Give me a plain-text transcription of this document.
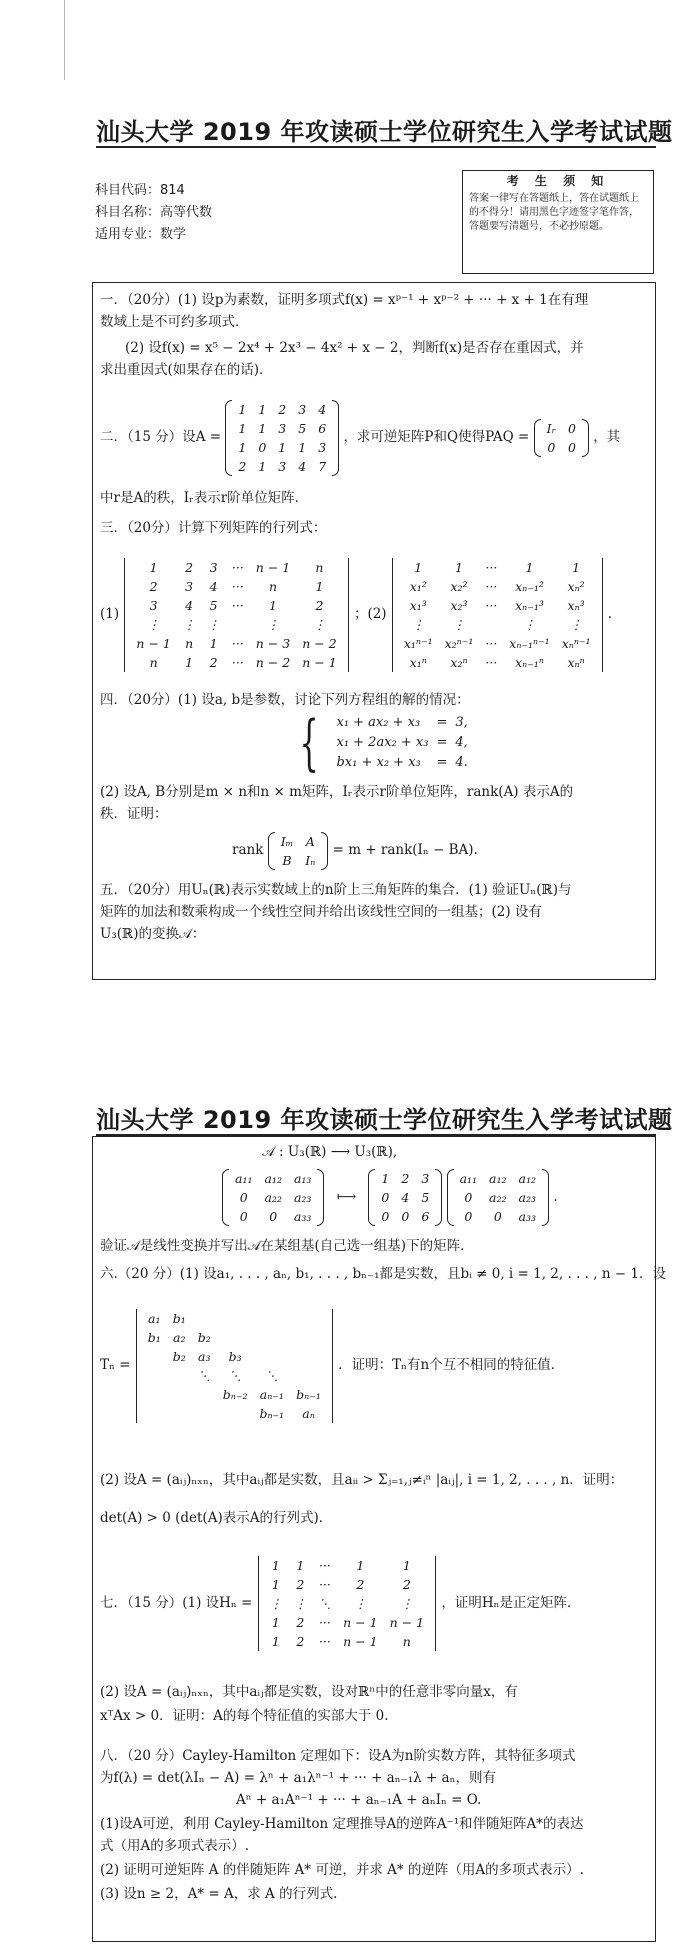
汕头大学 2019 年攻读硕士学位研究生入学考试试题
科目代码：814
科目名称：高等代数
适用专业：数学
考 生 须 知
答案一律写在答题纸上，答在试题纸上的不得分！请用黑色字迹签字笔作答，答题要写清题号，不必抄原题。
一．（20分）(1) 设p为素数，证明多项式f(x) = xᵖ⁻¹ + xᵖ⁻² + ··· + x + 1在有理
数域上是不可约多项式．
(2) 设f(x) = x⁵ − 2x⁴ + 2x³ − 4x² + x − 2，判断f(x)是否存在重因式，并
求出重因式(如果存在的话)．
二．（15 分）设A =
1	1	2	3	4
1	1	3	5	6
1	0	1	1	3
2	1	3	4	7
，求可逆矩阵P和Q使得PAQ =
Iᵣ	0
0	0
，其
中r是A的秩，Iᵣ表示r阶单位矩阵．
三．（20分）计算下列矩阵的行列式：
(1)
1	2	3	···	n − 1	n
2	3	4	···	n	1
3	4	5	···	1	2
⋮	⋮	⋮		⋮	⋮
n − 1	n	1	···	n − 3	n − 2
n	1	2	···	n − 2	n − 1
；(2)
1	1	···	1	1
x₁²	x₂²	···	xₙ₋₁²	xₙ²
x₁³	x₂³	···	xₙ₋₁³	xₙ³
⋮	⋮		⋮	⋮
x₁ⁿ⁻¹	x₂ⁿ⁻¹	···	xₙ₋₁ⁿ⁻¹	xₙⁿ⁻¹
x₁ⁿ	x₂ⁿ	···	xₙ₋₁ⁿ	xₙⁿ
.
四．（20分）(1) 设a, b是参数，讨论下列方程组的解的情况：
{ x₁ + ax₂ + x₃	=	3,
x₁ + 2ax₂ + x₃	=	4,
bx₁ + x₂ + x₃	=	4.
(2) 设A, B分别是m × n和n × m矩阵，Iᵣ表示r阶单位矩阵，rank(A) 表示A的
秩．证明：
rank
Iₘ	A
B	Iₙ
= m + rank(Iₙ − BA).
五．（20分）用Uₙ(ℝ)表示实数域上的n阶上三角矩阵的集合．(1) 验证Uₙ(ℝ)与
矩阵的加法和数乘构成一个线性空间并给出该线性空间的一组基；(2) 设有
U₃(ℝ)的变换𝒜：
汕头大学 2019 年攻读硕士学位研究生入学考试试题
𝒜 : U₃(ℝ) ⟶ U₃(ℝ),
a₁₁	a₁₂	a₁₃
0	a₂₂	a₂₃
0	0	a₃₃
⟼
1	2	3
0	4	5
0	0	6

a₁₁	a₁₂	a₁₂
0	a₂₂	a₂₃
0	0	a₃₃
.
验证𝒜是线性变换并写出𝒜在某组基(自己选一组基)下的矩阵．
六.（20 分）(1) 设a₁, . . . , aₙ, b₁, . . . , bₙ₋₁都是实数，且bᵢ ≠ 0, i = 1, 2, . . . , n − 1．设
Tₙ =
a₁	b₁				
b₁	a₂	b₂			
	b₂	a₃	b₃		
		⋱	⋱	⋱	
			bₙ₋₂	aₙ₋₁	bₙ₋₁
				bₙ₋₁	aₙ
．证明：Tₙ有n个互不相同的特征值．
(2) 设A = (aᵢⱼ)ₙₓₙ，其中aᵢⱼ都是实数，且aᵢᵢ > Σⱼ₌₁,ⱼ≠ᵢⁿ |aᵢⱼ|, i = 1, 2, . . . , n．证明：
det(A) > 0 (det(A)表示A的行列式)．
七．（15 分）(1) 设Hₙ =
1	1	···	1	1
1	2	···	2	2
⋮	⋮	⋱	⋮	⋮
1	2	···	n − 1	n − 1
1	2	···	n − 1	n
，证明Hₙ是正定矩阵．
(2) 设A = (aᵢⱼ)ₙₓₙ，其中aᵢⱼ都是实数，设对ℝⁿ中的任意非零向量x，有
xᵀAx > 0．证明：A的每个特征值的实部大于 0.
八．（20 分）Cayley-Hamilton 定理如下：设A为n阶实数方阵，其特征多项式
为f(λ) = det(λIₙ − A) = λⁿ + a₁λⁿ⁻¹ + ··· + aₙ₋₁λ + aₙ，则有
Aⁿ + a₁Aⁿ⁻¹ + ··· + aₙ₋₁A + aₙIₙ = O.
(1)设A可逆，利用 Cayley-Hamilton 定理推导A的逆阵A⁻¹和伴随矩阵A*的表达
式（用A的多项式表示）.
(2) 证明可逆矩阵 A 的伴随矩阵 A* 可逆，并求 A* 的逆阵（用A的多项式表示）.
(3) 设n ≥ 2，A* = A，求 A 的行列式.
